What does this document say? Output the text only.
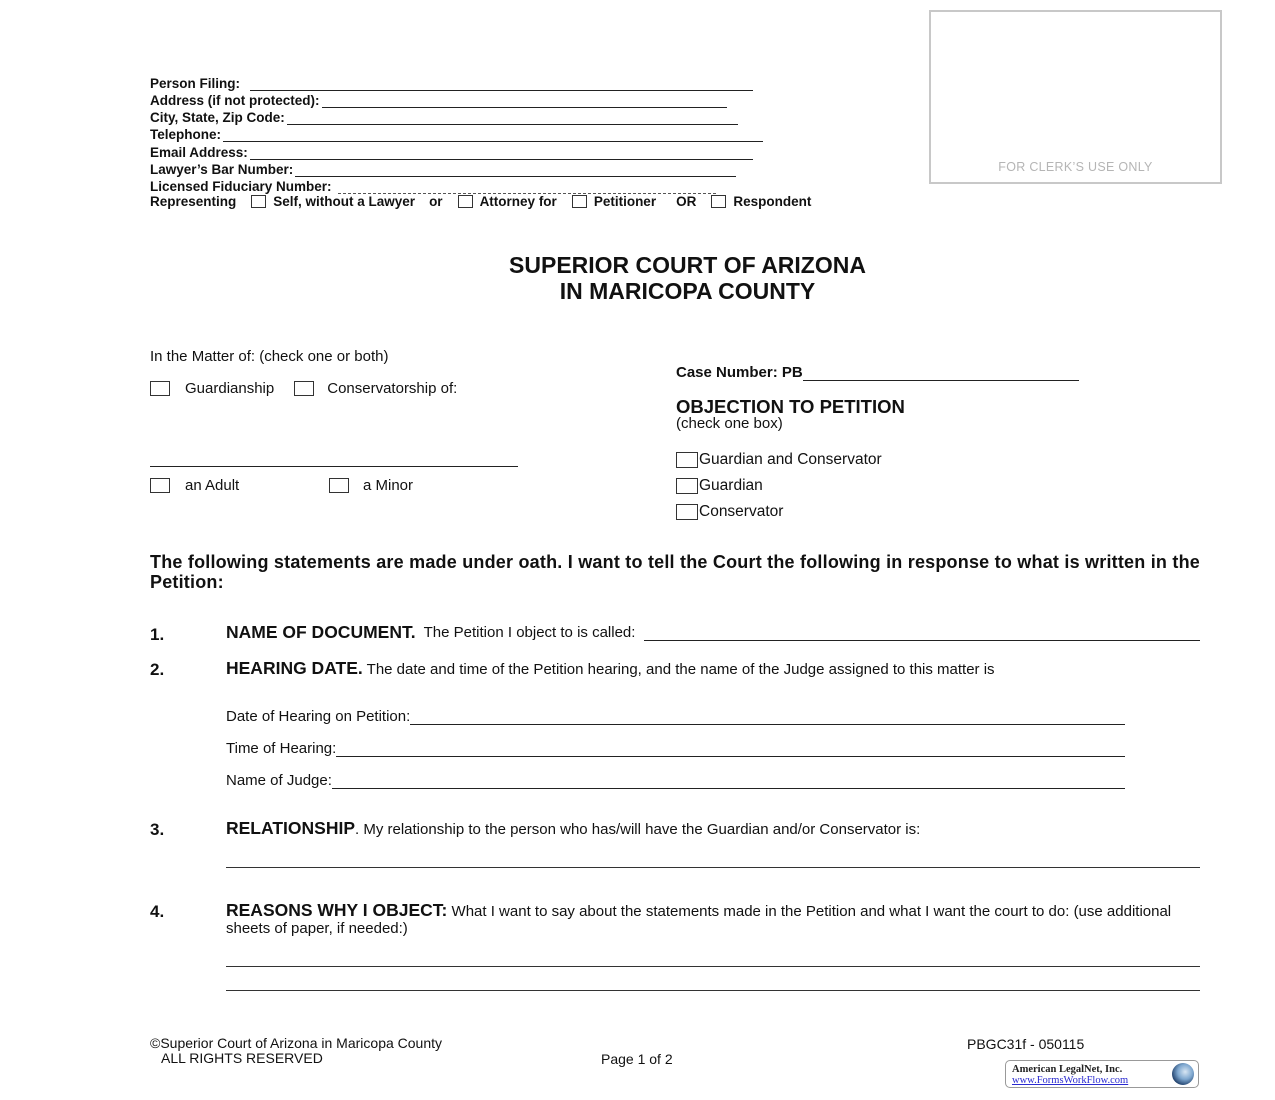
Person Filing:
Address (if not protected):
City, State, Zip Code:
Telephone:
Email Address:
Lawyer’s Bar Number:
Licensed Fiduciary Number:
Representing	Self, without a Lawyer or	Attorney for	Petitioner OR	Respondent
FOR CLERK’S USE ONLY
SUPERIOR COURT OF ARIZONA
IN MARICOPA COUNTY
In the Matter of: (check one or both)
Guardianship	Conservatorship of:
an Adult	a Minor
Case Number: PB
OBJECTION TO PETITION
(check one box)
Guardian and Conservator
Guardian
Conservator
The following statements are made under oath. I want to tell the Court the following in response to what is written in the Petition:
1.	NAME OF DOCUMENT. The Petition I object to is called:
2.	HEARING DATE. The date and time of the Petition hearing, and the name of the Judge assigned to this matter is
Date of Hearing on Petition:
Time of Hearing:
Name of Judge:
3.	RELATIONSHIP. My relationship to the person who has/will have the Guardian and/or Conservator is:
4.	REASONS WHY I OBJECT: What I want to say about the statements made in the Petition and what I want the court to do: (use additional sheets of paper, if needed:)
©Superior Court of Arizona in Maricopa County
ALL RIGHTS RESERVED	Page 1 of 2
PBGC31f - 050115
American LegalNet, Inc.
www.FormsWorkFlow.com
